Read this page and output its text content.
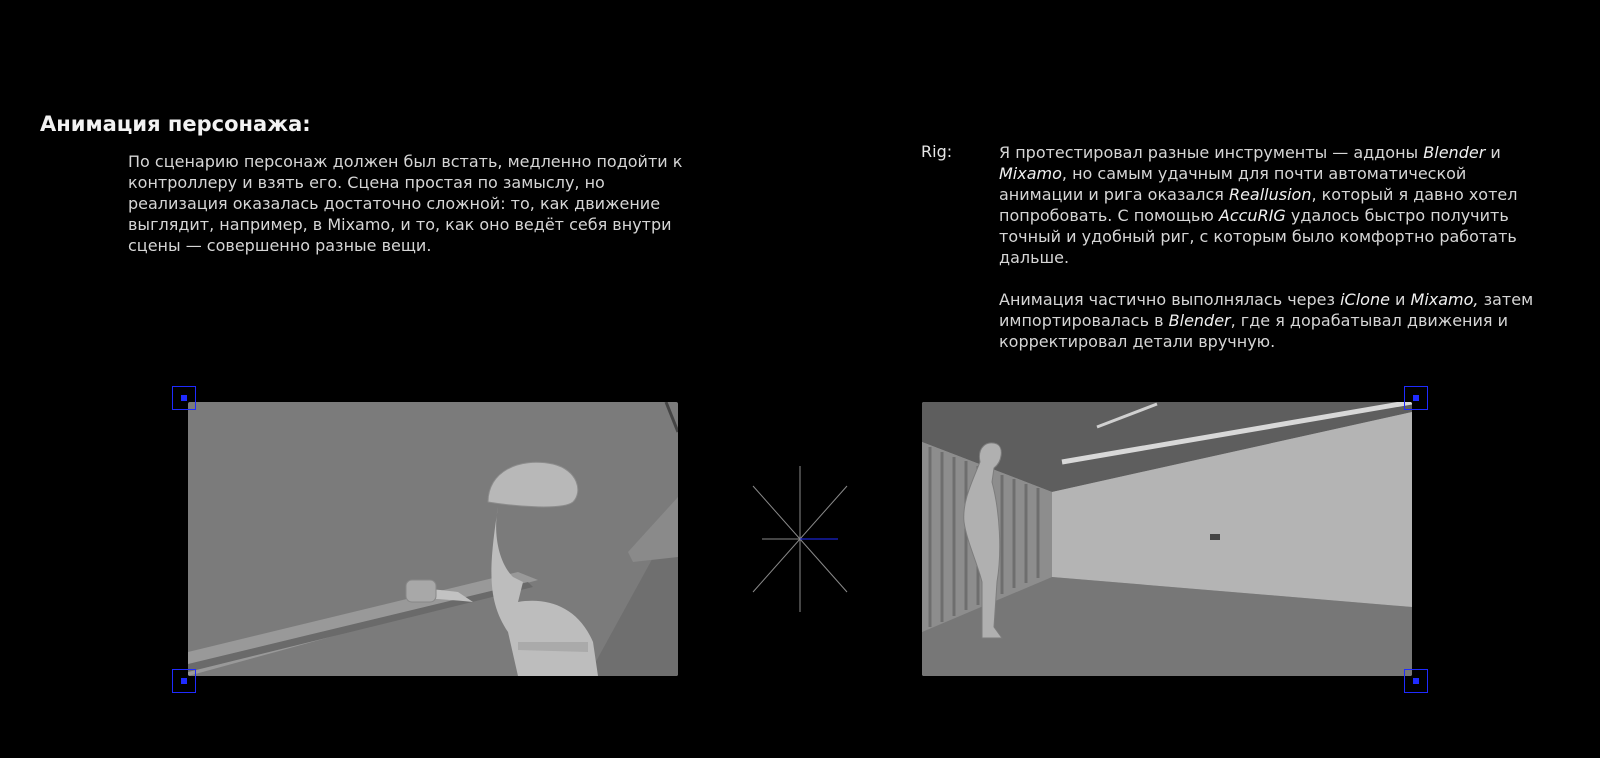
Анимация персонажа:
По сценарию персонаж должен был встать, медленно подойти к контроллеру и взять его. Сцена простая по замыслу, но реализация оказалась достаточно сложной: то, как движение выглядит, например, в Mixamo, и то, как оно ведёт себя внутри сцены — совершенно разные вещи.
Rig:	Я протестировал разные инструменты — аддоны Blender и Mixamo, но самым удачным для почти автоматической анимации и рига оказался Reallusion, который я давно хотел попробовать. С помощью AccuRIG удалось быстро получить точный и удобный риг, с которым было комфортно работать дальше.

Анимация частично выполнялась через iClone и Mixamo, затем импортировалась в Blender, где я дорабатывал движения и корректировал детали вручную.
